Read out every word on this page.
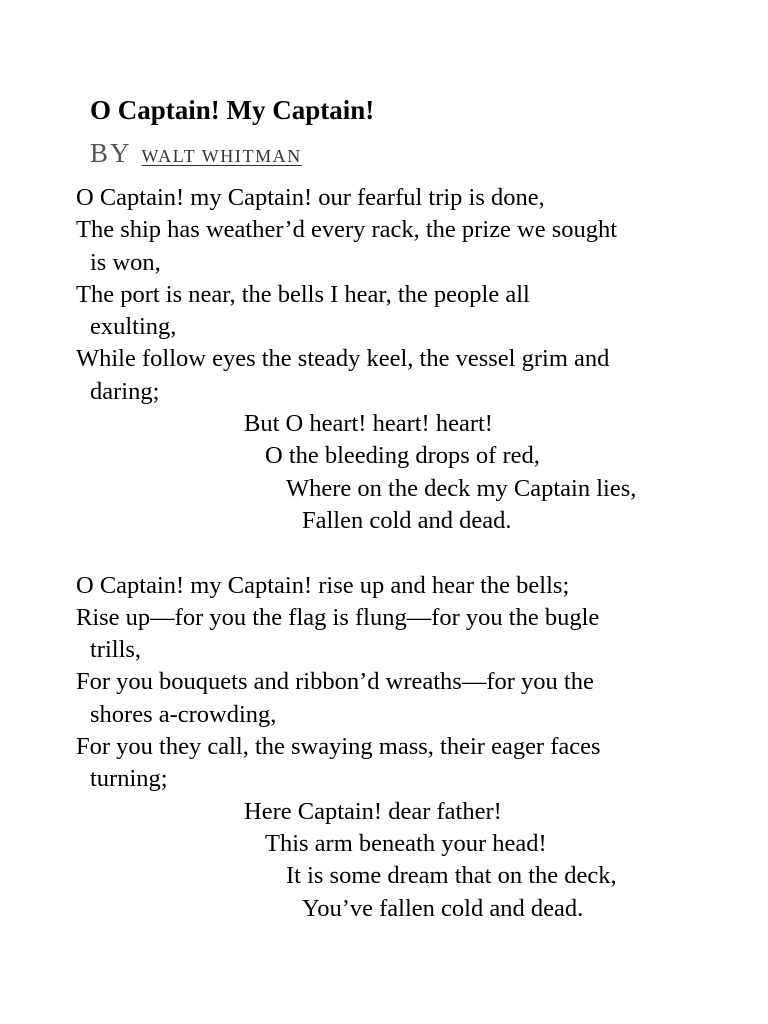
O Captain! My Captain!
BY WALT WHITMAN
O Captain! my Captain! our fearful trip is done,
The ship has weather’d every rack, the prize we sought
is won,
The port is near, the bells I hear, the people all
exulting,
While follow eyes the steady keel, the vessel grim and
daring;
But O heart! heart! heart!
O the bleeding drops of red,
Where on the deck my Captain lies,
Fallen cold and dead.
O Captain! my Captain! rise up and hear the bells;
Rise up—for you the flag is flung—for you the bugle
trills,
For you bouquets and ribbon’d wreaths—for you the
shores a-crowding,
For you they call, the swaying mass, their eager faces
turning;
Here Captain! dear father!
This arm beneath your head!
It is some dream that on the deck,
You’ve fallen cold and dead.
